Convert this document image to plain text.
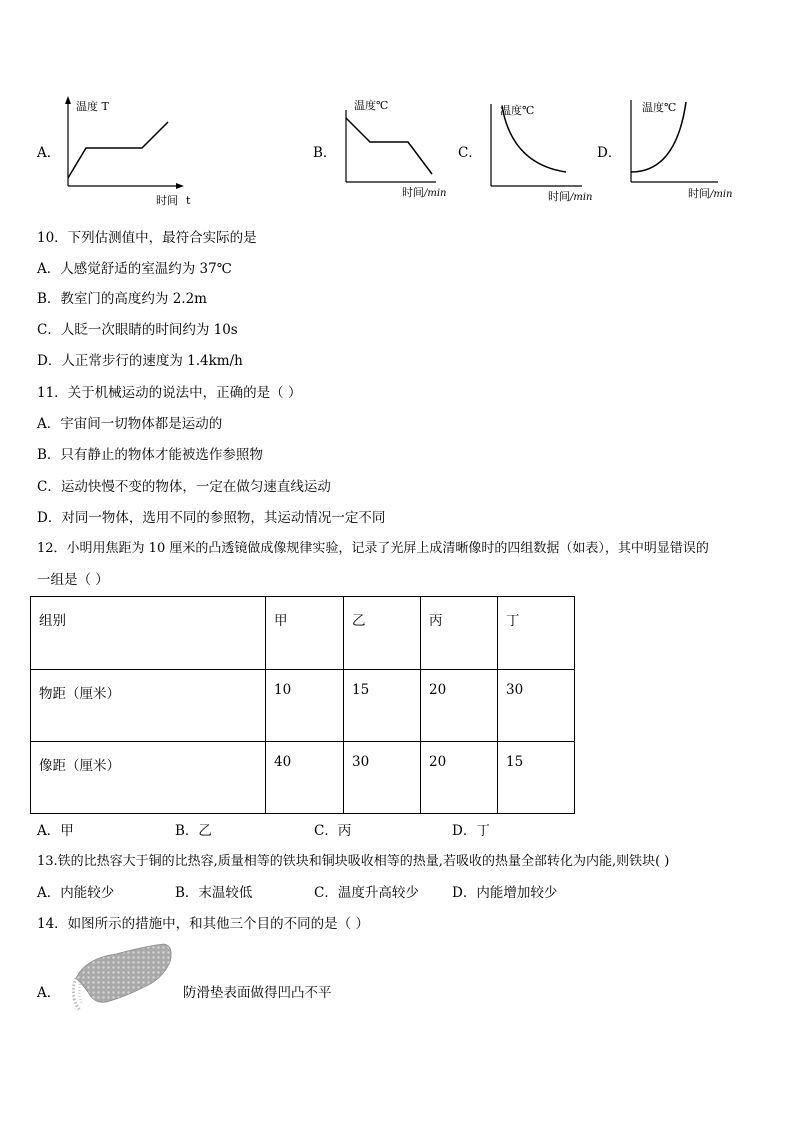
A．
温度 T
时间 t
B．
温度℃
时间 /min
C．
温度℃
时间 /min
D．
温度℃
时间 /min
10．下列估测值中，最符合实际的是
A．人感觉舒适的室温约为 37℃
B．教室门的高度约为 2.2m
C．人眨一次眼睛的时间约为 10s
D．人正常步行的速度为 1.4km/h
11．关于机械运动的说法中，正确的是（ ）
A．宇宙间一切物体都是运动的
B．只有静止的物体才能被选作参照物
C．运动快慢不变的物体，一定在做匀速直线运动
D．对同一物体，选用不同的参照物，其运动情况一定不同
12．小明用焦距为 10 厘米的凸透镜做成像规律实验，记录了光屏上成清晰像时的四组数据（如表），其中明显错误的
一组是（ ）
组别	甲	乙	丙	丁
物距（厘米）	10	15	20	30
像距（厘米）	40	30	20	15
A．甲	B．乙	C．丙	D．丁
13.铁的比热容大于铜的比热容,质量相等的铁块和铜块吸收相等的热量,若吸收的热量全部转化为内能,则铁块( )
A．内能较少	B．末温较低	C．温度升高较少 D．内能增加较少
14．如图所示的措施中，和其他三个目的不同的是（ ）
A．	防滑垫表面做得凹凸不平
